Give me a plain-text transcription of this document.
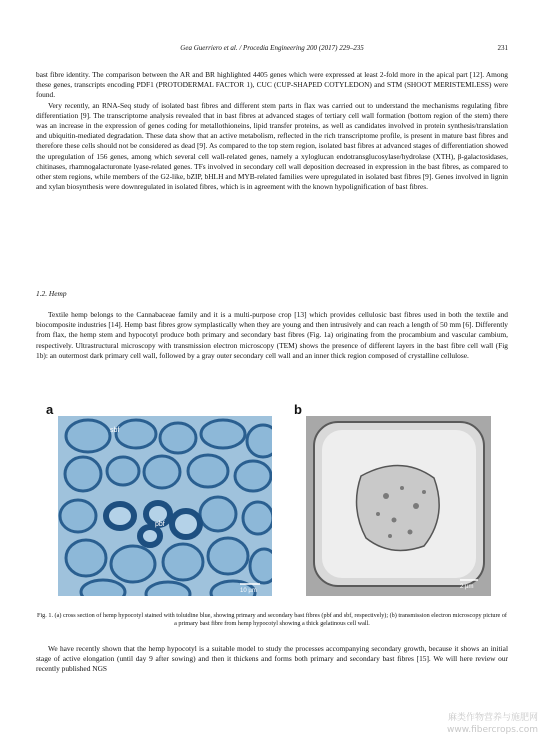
Gea Guerriero et al. / Procedia Engineering 200 (2017) 229–235	231

bast fibre identity. The comparison between the AR and BR highlighted 4405 genes which were expressed at least 2-fold more in the apical part [12]. Among these genes, transcripts encoding PDF1 (PROTODERMAL FACTOR 1), CUC (CUP-SHAPED COTYLEDON) and STM (SHOOT MERISTEMLESS) were found.

Very recently, an RNA-Seq study of isolated bast fibres and different stem parts in flax was carried out to understand the mechanisms regulating fibre differentiation [9]. The transcriptome analysis revealed that in bast fibres at advanced stages of tertiary cell wall formation (bottom region of the stem) there was an increase in the expression of genes coding for metallothioneins, lipid transfer proteins, as well as candidates involved in protein synthesis/translation and ubiquitin-mediated degradation. These data show that an active metabolism, reflected in the rich transcriptome profile, is present in mature bast fibres and therefore these cells should not be considered as dead [9]. As compared to the top stem region, isolated bast fibres at advanced stages of differentiation showed the upregulation of 156 genes, among which several cell wall-related genes, namely a xyloglucan endotransglucosylase/hydrolase (XTH), β-galactosidases, chitinases, rhamnogalacturonate lyase-related genes. TFs involved in secondary cell wall deposition decreased in expression in the bast fibres, as compared to other stem regions, while members of the G2-like, bZIP, bHLH and MYB-related families were upregulated in isolated bast fibres [9]. Genes involved in lignin and xylan biosynthesis were downregulated in isolated fibres, which is in agreement with the known hypolignification of bast fibres.

1.2. Hemp
Textile hemp belongs to the Cannabaceae family and it is a multi-purpose crop [13] which provides cellulosic bast fibres used in both the textile and biocomposite industries [14]. Hemp bast fibres grow symplastically when they are young and then intrusively and can reach a length of 50 mm [6]. Differently from flax, the hemp stem and hypocotyl produce both primary and secondary bast fibres (Fig. 1a) originating from the procambium and vascular cambium, respectively. Ultrastructural microscopy with transmission electron microscopy (TEM) shows the presence of different layers in the bast fibre cell wall (Fig 1b): an outermost dark primary cell wall, followed by a gray outer secondary cell wall and an inner thick region composed of crystalline cellulose.
a	b
sbf
pbf
10 µm
2 µm
Fig. 1. (a) cross section of hemp hypocotyl stained with toluidine blue, showing primary and secondary bast fibres (pbf and sbf, respectively); (b) transmission electron microscopy picture of a primary bast fibre from hemp hypocotyl showing a thick gelatinous cell wall.
We have recently shown that the hemp hypocotyl is a suitable model to study the processes accompanying secondary growth, because it shows an initial stage of active elongation (until day 9 after sowing) and then it thickens and forms both primary and secondary bast fibres [15]. We will here review our recently published NGS
麻类作物营养与施肥网
www.fibercrops.com
